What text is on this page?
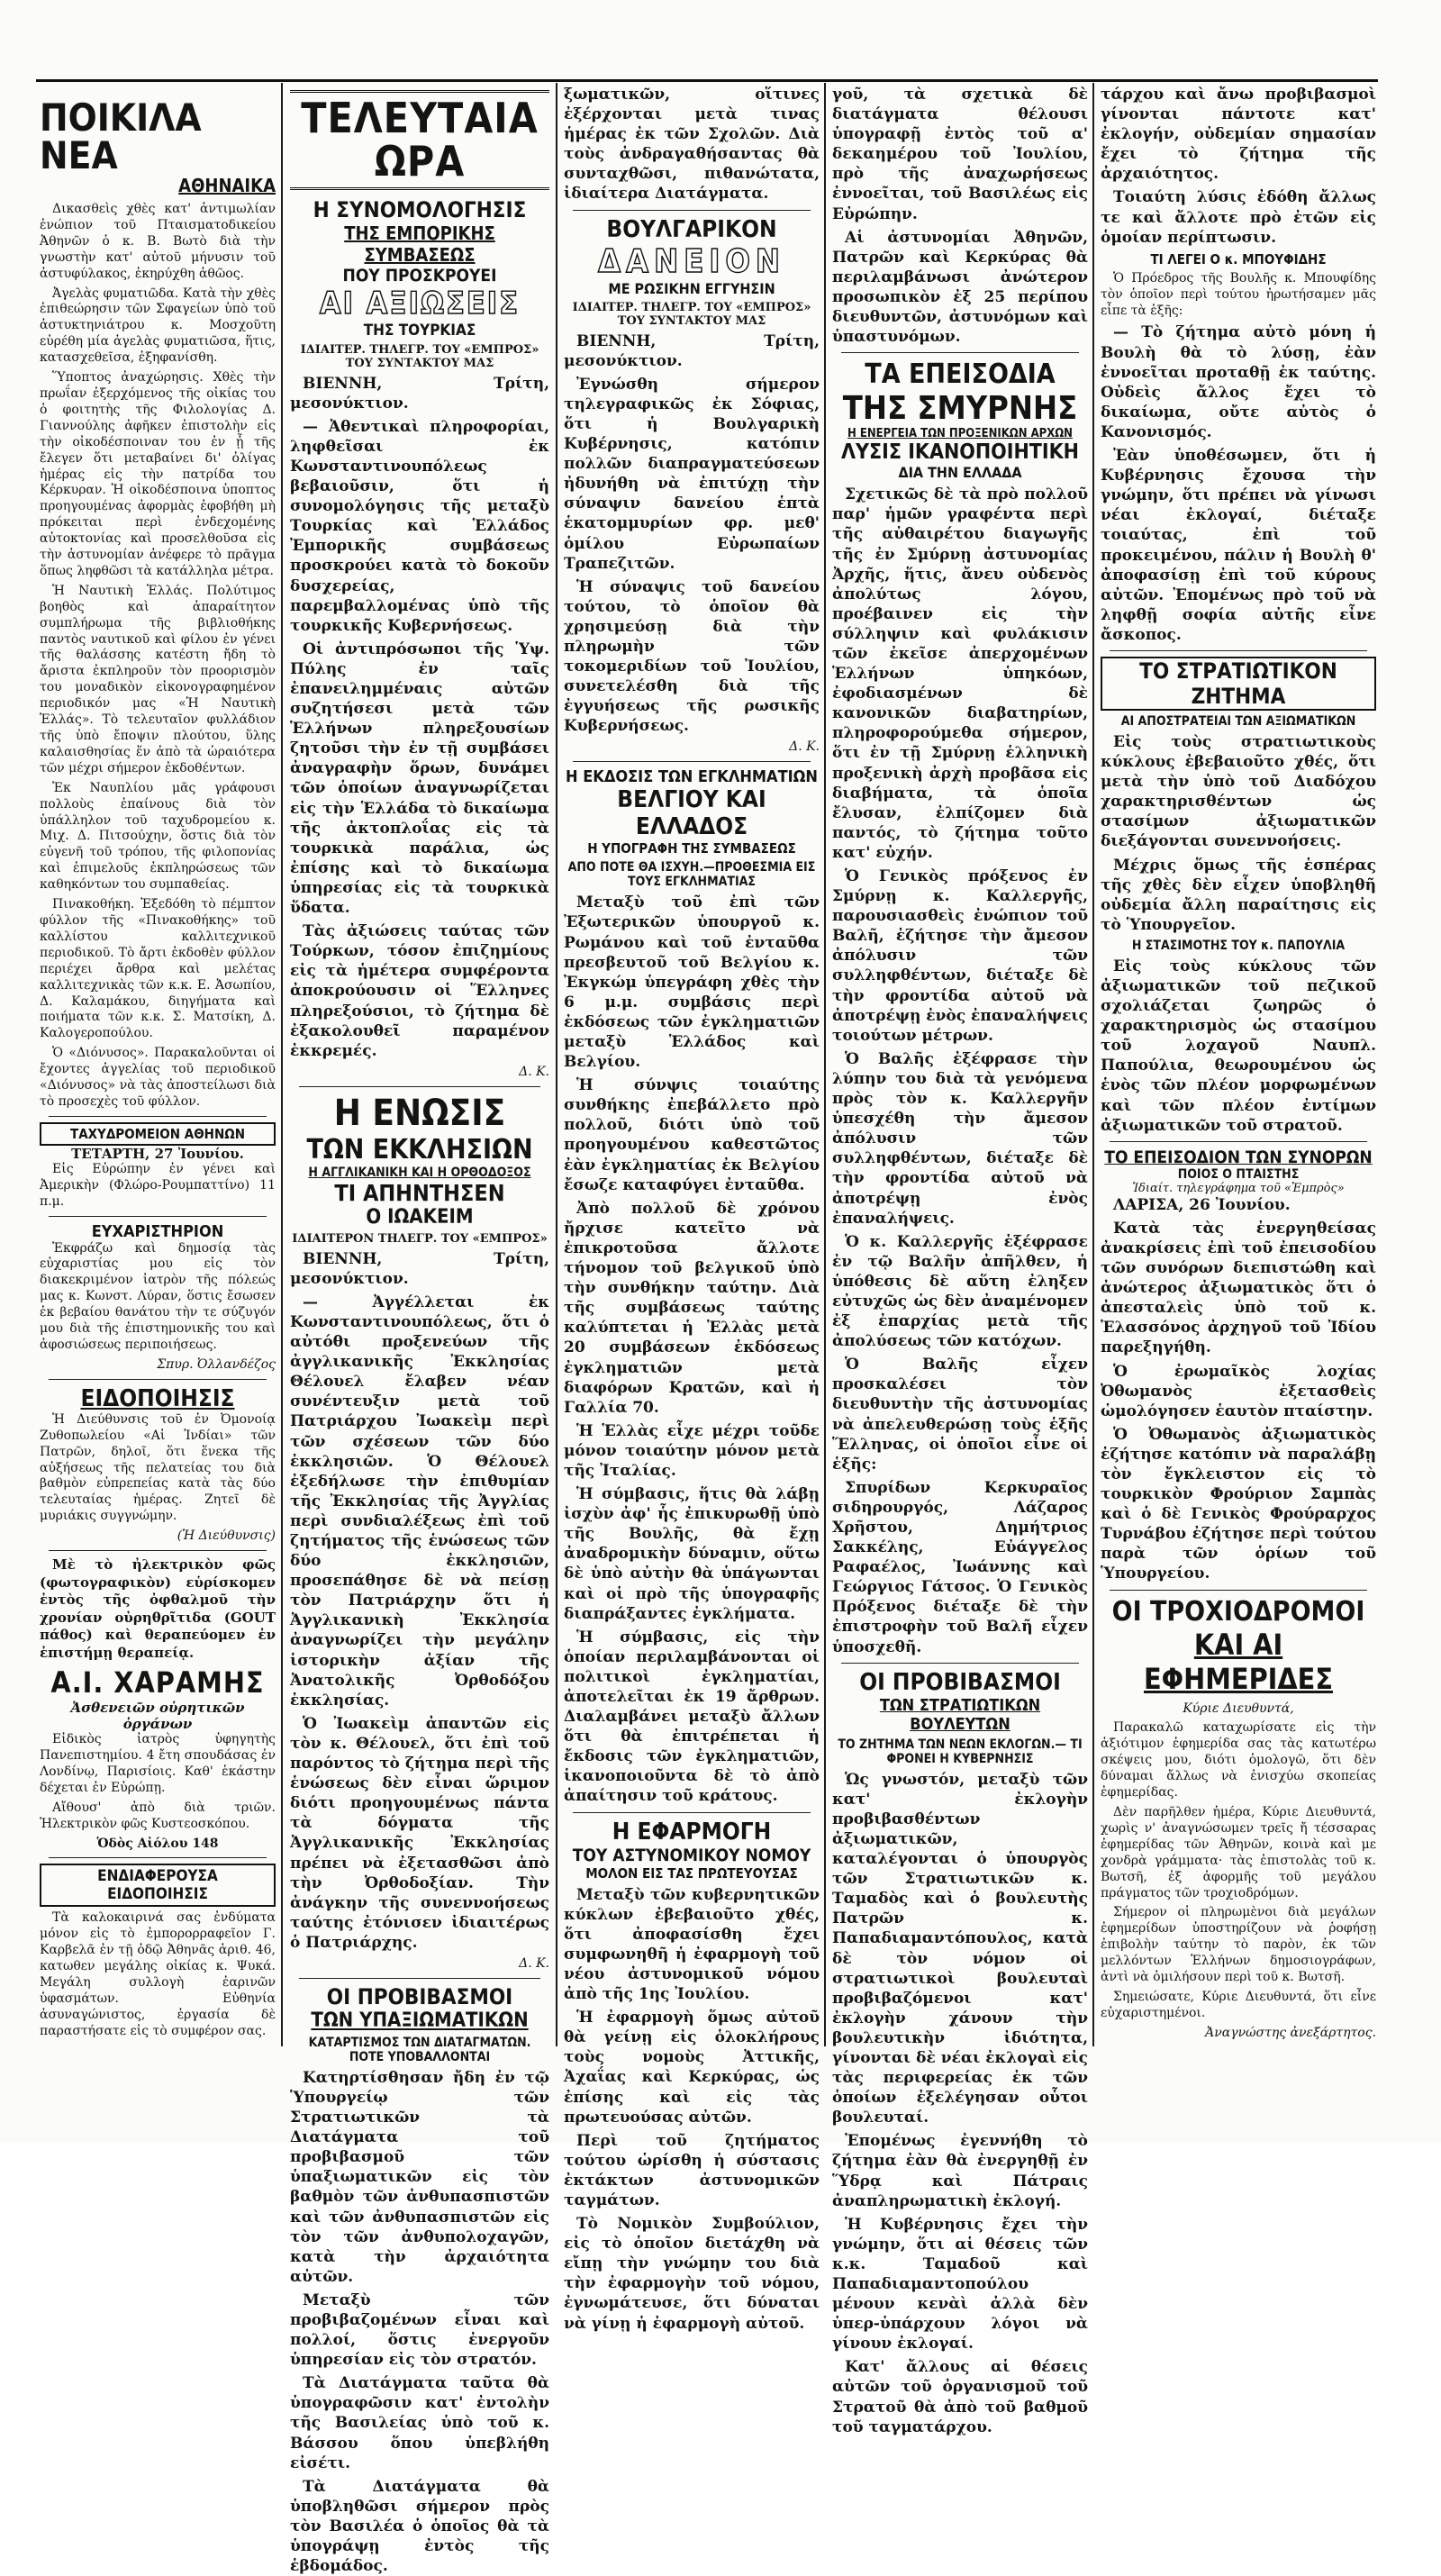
ΠΟΙΚΙΛΑ ΝΕΑ
ΑΘΗΝΑΙΚΑ

Δικασθεὶς χθὲς κατ' ἀντιμωλίαν ἐνώπιον τοῦ Πταισματοδικείου Ἀθηνῶν ὁ κ. Β. Βωτὸ διὰ τὴν γνωστὴν κατ' αὐτοῦ μήνυσιν τοῦ ἀστυφύλακος, ἐκηρύχθη ἀθῶος.

Ἀγελὰς φυματιῶδα. Κατὰ τὴν χθὲς ἐπιθεώρησιν τῶν Σφαγείων ὑπὸ τοῦ ἀστυκτηνιάτρου κ. Μοσχοῦτη εὑρέθη μία ἀγελὰς φυματιῶσα, ἥτις, κατασχεθεῖσα, ἐξηφανίσθη.

Ὕποπτος ἀναχώρησις. Χθὲς τὴν πρωΐαν ἐξερχόμενος τῆς οἰκίας του ὁ φοιτητὴς τῆς Φιλολογίας Δ. Γιαννούλης ἀφῆκεν ἐπιστολὴν εἰς τὴν οἰκοδέσποιναν του ἐν ᾗ τῆς ἔλεγεν ὅτι μεταβαίνει δι' ὀλίγας ἡμέρας εἰς τὴν πατρίδα του Κέρκυραν. Ἡ οἰκοδέσποινα ὑποπτος προηγουμένας ἀφορμὰς ἐφοβήθη μὴ πρόκειται περὶ ἐνδεχομένης αὐτοκτονίας καὶ προσελθοῦσα εἰς τὴν ἀστυνομίαν ἀνέφερε τὸ πρᾶγμα ὅπως ληφθῶσι τὰ κατάλληλα μέτρα.

Ἡ Ναυτικὴ Ἑλλάς. Πολύτιμος βοηθὸς καὶ ἀπαραίτητον συμπλήρωμα τῆς βιβλιοθήκης παντὸς ναυτικοῦ καὶ φίλου ἐν γένει τῆς θαλάσσης κατέστη ἤδη τὸ ἄριστα ἐκπληροῦν τὸν προορισμὸν του μοναδικὸν εἰκονογραφημένον περιοδικόν μας «Ἡ Ναυτικὴ Ἑλλάς». Τὸ τελευταῖον φυλλάδιον τῆς ὑπὸ ἔποψιν πλούτου, ὕλης καλαισθησίας ἕν ἀπὸ τὰ ὡραιότερα τῶν μέχρι σήμερον ἐκδοθέντων.

Ἐκ Ναυπλίου μᾶς γράφουσι πολλοὺς ἐπαίνους διὰ τὸν ὑπάλληλον τοῦ ταχυδρομείου κ. Μιχ. Δ. Πιτσούχην, ὅστις διὰ τὸν εὐγενῆ τοῦ τρόπου, τῆς φιλοπονίας καὶ ἐπιμελοῦς ἐκπληρώσεως τῶν καθηκόντων του συμπαθείας.

Πινακοθήκη. Ἐξεδόθη τὸ πέμπτον φύλλον τῆς «Πινακοθήκης» τοῦ καλλίστου καλλιτεχνικοῦ περιοδικοῦ. Τὸ ἄρτι ἐκδοθὲν φύλλον περιέχει ἄρθρα καὶ μελέτας καλλιτεχνικὰς τῶν κ.κ. Ε. Ἀσωπίου, Δ. Καλαμάκου, διηγήματα καὶ ποιήματα τῶν κ.κ. Σ. Ματσίκη, Δ. Καλογεροπούλου.

Ὁ «Διόνυσος». Παρακαλοῦνται οἱ ἔχοντες ἀγγελίας τοῦ περιοδικοῦ «Διόνυσος» νὰ τὰς ἀποστείλωσι διὰ τὸ προσεχὲς τοῦ φύλλον.

ΤΑΧΥΔΡΟΜΕΙΟΝ ΑΘΗΝΩΝ
ΤΕΤΑΡΤΗ, 27 Ἰουνίου.

Εἰς Εὐρώπην ἐν γένει καὶ Ἀμερικὴν (Φλώρο-Ρουμπαττίνο) 11 π.μ.

ΕΥΧΑΡΙΣΤΗΡΙΟΝ

Ἐκφράζω καὶ δημοσίᾳ τὰς εὐχαριστίας μου εἰς τὸν διακεκριμένον ἰατρὸν τῆς πόλεώς μας κ. Κωνστ. Λύραν, ὅστις ἔσωσεν ἐκ βεβαίου θανάτου τὴν τε σύζυγόν μου διὰ τῆς ἐπιστημονικῆς του καὶ ἀφοσιώσεως περιποιήσεως.

Σπυρ. Ὀλλανδέζος
ΕΙΔΟΠΟΙΗΣΙΣ

Ἡ Διεύθυνσις τοῦ ἐν Ὀμονοίᾳ Ζυθοπωλείου «Αἱ Ἰνδίαι» τῶν Πατρῶν, δηλοῖ, ὅτι ἕνεκα τῆς αὐξήσεως τῆς πελατείας του διὰ βαθμὸν εὐπρεπείας κατὰ τὰς δύο τελευταίας ἡμέρας. Ζητεῖ δὲ μυριάκις συγγνώμην.

(Ἡ Διεύθυνσις)

Μὲ τὸ ἠλεκτρικὸν φῶς (φωτογραφικὸν) εὑρίσκομεν ἐντὸς τῆς ὀφθαλμοῦ τὴν χρονίαν οὐρηθρῖτιδα (GOUT πάθος) καὶ θεραπεύομεν ἐν ἐπιστήμῃ θεραπείᾳ.

Α.Ι. ΧΑΡΑΜΗΣ
Ἀσθενειῶν οὐρητικῶν ὀργάνων

Εἰδικὸς ἰατρὸς ὑφηγητὴς Πανεπιστημίου. 4 ἔτη σπουδάσας ἐν Λονδίνῳ, Παρισίοις. Καθ' ἑκάστην δέχεται ἐν Εὐρώπῃ.

Αἴθουσ' ἀπὸ διὰ τριῶν. Ἠλεκτρικὸν φῶς Κυστεοσκόπου.

Ὁδὸς Αἰόλου 148
ΕΝΔΙΑΦΕΡΟΥΣΑ ΕΙΔΟΠΟΙΗΣΙΣ

Τὰ καλοκαιρινά σας ἐνδύματα μόνον εἰς τὸ ἐμπορορραφεῖον Γ. Καρβελᾶ ἐν τῇ ὁδῷ Ἀθηνᾶς ἀριθ. 46, κατωθεν μεγάλης οἰκίας κ. Ψυκά. Μεγάλη συλλογὴ ἐαρινῶν ὑφασμάτων. Εὐθηνία ἀσυναγώνιστος, ἐργασία δὲ παραστήσατε εἰς τὸ συμφέρον σας.

ΤΕΛΕΥΤΑΙΑ ΩΡΑ
Η ΣΥΝΟΜΟΛΟΓΗΣΙΣ
ΤΗΣ ΕΜΠΟΡΙΚΗΣ ΣΥΜΒΑΣΕΩΣ
ΠΟΥ ΠΡΟΣΚΡΟΥΕΙ
ΑΙ ΑΞΙΩΣΕΙΣ
ΤΗΣ ΤΟΥΡΚΙΑΣ
ΙΔΙΑΙΤΕΡ. ΤΗΛΕΓΡ. ΤΟΥ «ΕΜΠΡΟΣ» ΤΟΥ ΣΥΝΤΑΚΤΟΥ ΜΑΣ

ΒΙΕΝΝΗ, Τρίτη, μεσονύκτιον.

— Ἀθεντικαὶ πληροφορίαι, ληφθεῖσαι ἐκ Κωνσταντινουπόλεως βεβαιοῦσιν, ὅτι ἡ συνομολόγησις τῆς μεταξὺ Τουρκίας καὶ Ἑλλάδος Ἐμπορικῆς συμβάσεως προσκρούει κατὰ τὸ δοκοῦν δυσχερείας, παρεμβαλλομένας ὑπὸ τῆς τουρκικῆς Κυβερνήσεως.

Οἱ ἀντιπρόσωποι τῆς Ὑψ. Πύλης ἐν ταῖς ἐπανειλημμέναις αὐτῶν συζητήσεσι μετὰ τῶν Ἑλλήνων πληρεξουσίων ζητοῦσι τὴν ἐν τῇ συμβάσει ἀναγραφὴν ὅρων, δυνάμει τῶν ὁποίων ἀναγνωρίζεται εἰς τὴν Ἑλλάδα τὸ δικαίωμα τῆς ἀκτοπλοΐας εἰς τὰ τουρκικὰ παράλια, ὡς ἐπίσης καὶ τὸ δικαίωμα ὑπηρεσίας εἰς τὰ τουρκικὰ ὕδατα.

Τὰς ἀξιώσεις ταύτας τῶν Τούρκων, τόσον ἐπιζημίους εἰς τὰ ἡμέτερα συμφέροντα ἀποκρούουσιν οἱ Ἕλληνες πληρεξούσιοι, τὸ ζήτημα δὲ ἐξακολουθεῖ παραμένον ἐκκρεμές.

Δ. Κ.
Η ΕΝΩΣΙΣ
ΤΩΝ ΕΚΚΛΗΣΙΩΝ
Η ΑΓΓΛΙΚΑΝΙΚΗ ΚΑΙ Η ΟΡΘΟΔΟΞΟΣ
ΤΙ ΑΠΗΝΤΗΣΕΝ
Ο ΙΩΑΚΕΙΜ
ΙΔΙΑΙΤΕΡΟΝ ΤΗΛΕΓΡ. ΤΟΥ «ΕΜΠΡΟΣ»

ΒΙΕΝΝΗ, Τρίτη, μεσονύκτιον.

— Ἀγγέλλεται ἐκ Κωνσταντινουπόλεως, ὅτι ὁ αὐτόθι προξενεύων τῆς ἀγγλικανικῆς Ἐκκλησίας Θέλουελ ἔλαβεν νέαν συνέντευξιν μετὰ τοῦ Πατριάρχου Ἰωακεὶμ περὶ τῶν σχέσεων τῶν δύο ἐκκλησιῶν. Ὁ Θέλουελ ἐξεδήλωσε τὴν ἐπιθυμίαν τῆς Ἐκκλησίας τῆς Ἀγγλίας περὶ συνδιαλέξεως ἐπὶ τοῦ ζητήματος τῆς ἑνώσεως τῶν δύο ἐκκλησιῶν, προσεπάθησε δὲ νὰ πείσῃ τὸν Πατριάρχην ὅτι ἡ Ἀγγλικανικὴ Ἐκκλησία ἀναγνωρίζει τὴν μεγάλην ἱστορικὴν ἀξίαν τῆς Ἀνατολικῆς Ὀρθοδόξου ἐκκλησίας.

Ὁ Ἰωακεὶμ ἀπαντῶν εἰς τὸν κ. Θέλουελ, ὅτι ἐπὶ τοῦ παρόντος τὸ ζήτημα περὶ τῆς ἑνώσεως δὲν εἶναι ὥριμον διότι προηγουμένως πάντα τὰ δόγματα τῆς Ἀγγλικανικῆς Ἐκκλησίας πρέπει νὰ ἐξετασθῶσι ἀπὸ τὴν Ὀρθοδοξίαν. Τὴν ἀνάγκην τῆς συνεννοήσεως ταύτης ἐτόνισεν ἰδιαιτέρως ὁ Πατριάρχης.

Δ. Κ.
ΟΙ ΠΡΟΒΙΒΑΣΜΟΙ
ΤΩΝ ΥΠΑΞΙΩΜΑΤΙΚΩΝ
ΚΑΤΑΡΤΙΣΜΟΣ ΤΩΝ ΔΙΑΤΑΓΜΑΤΩΝ. ΠΟΤΕ ΥΠΟΒΑΛΛΟΝΤΑΙ

Κατηρτίσθησαν ἤδη ἐν τῷ Ὑπουργείῳ τῶν Στρατιωτικῶν τὰ Διατάγματα τοῦ προβιβασμοῦ τῶν ὑπαξιωματικῶν εἰς τὸν βαθμὸν τῶν ἀνθυπασπιστῶν καὶ τῶν ἀνθυπασπιστῶν εἰς τὸν τῶν ἀνθυπολοχαγῶν, κατὰ τὴν ἀρχαιότητα αὐτῶν.

Μεταξὺ τῶν προβιβαζομένων εἶναι καὶ πολλοί, ὅστις ἐνεργοῦν ὑπηρεσίαν εἰς τὸν στρατόν.

Τὰ Διατάγματα ταῦτα θὰ ὑπογραφῶσιν κατ' ἐντολὴν τῆς Βασιλείας ὑπὸ τοῦ κ. Βάσσου ὅπου ὑπεβλήθη εἰσέτι.

Τὰ Διατάγματα θὰ ὑποβληθῶσι σήμερον πρὸς τὸν Βασιλέα ὁ ὁποῖος θὰ τὰ ὑπογράψῃ ἐντὸς τῆς ἑβδομάδος.

ξωματικῶν, οἵτινες ἐξέρχονται μετὰ τινας ἡμέρας ἐκ τῶν Σχολῶν. Διὰ τοὺς ἀνδραγαθήσαντας θὰ συνταχθῶσι, πιθανώτατα, ἰδιαίτερα Διατάγματα.

ΒΟΥΛΓΑΡΙΚΟΝ
ΔΑΝΕΙΟΝ
ΜΕ ΡΩΣΙΚΗΝ ΕΓΓΥΗΣΙΝ
ΙΔΙΑΙΤΕΡ. ΤΗΛΕΓΡ. ΤΟΥ «ΕΜΠΡΟΣ» ΤΟΥ ΣΥΝΤΑΚΤΟΥ ΜΑΣ

ΒΙΕΝΝΗ, Τρίτη, μεσονύκτιον.

Ἐγνώσθη σήμερον τηλεγραφικῶς ἐκ Σόφιας, ὅτι ἡ Βουλγαρικὴ Κυβέρνησις, κατόπιν πολλῶν διαπραγματεύσεων ἠδυνήθη νὰ ἐπιτύχῃ τὴν σύναψιν δανείου ἑπτὰ ἑκατομμυρίων φρ. μεθ' ὁμίλου Εὐρωπαίων Τραπεζιτῶν.

Ἡ σύναψις τοῦ δανείου τούτου, τὸ ὁποῖον θὰ χρησιμεύσῃ διὰ τὴν πληρωμὴν τῶν τοκομεριδίων τοῦ Ἰουλίου, συνετελέσθη διὰ τῆς ἐγγυήσεως τῆς ρωσικῆς Κυβερνήσεως.

Δ. Κ.
Η ΕΚΔΟΣΙΣ ΤΩΝ ΕΓΚΛΗΜΑΤΙΩΝ
ΒΕΛΓΙΟΥ ΚΑΙ ΕΛΛΑΔΟΣ
Η ΥΠΟΓΡΑΦΗ ΤΗΣ ΣΥΜΒΑΣΕΩΣ
ΑΠΟ ΠΟΤΕ ΘΑ ΙΣΧΥΗ.—ΠΡΟΘΕΣΜΙΑ ΕΙΣ ΤΟΥΣ ΕΓΚΛΗΜΑΤΙΑΣ

Μεταξὺ τοῦ ἐπὶ τῶν Ἐξωτερικῶν ὑπουργοῦ κ. Ρωμάνου καὶ τοῦ ἐνταῦθα πρεσβευτοῦ τοῦ Βελγίου κ. Ἐκγκώμ ὑπεγράφη χθὲς τὴν 6 μ.μ. συμβάσις περὶ ἐκδόσεως τῶν ἐγκληματιῶν μεταξὺ Ἑλλάδος καὶ Βελγίου.

Ἡ σύνψις τοιαύτης συνθήκης ἐπεβάλλετο πρὸ πολλοῦ, διότι ὑπὸ τοῦ προηγουμένου καθεστῶτος ἐὰν ἐγκληματίας ἐκ Βελγίου ἔσωζε καταφύγει ἐνταῦθα.

Ἀπὸ πολλοῦ δὲ χρόνου ἤρχισε κατεῖτο νὰ ἐπικροτοῦσα ἄλλοτε τήνομον τοῦ βελγικοῦ ὑπὸ τὴν συνθήκην ταύτην. Διὰ τῆς συμβάσεως ταύτης καλύπτεται ἡ Ἑλλὰς μετὰ 20 συμβάσεων ἐκδόσεως ἐγκληματιῶν μετὰ διαφόρων Κρατῶν, καὶ ἡ Γαλλία 70.

Ἡ Ἑλλὰς εἶχε μέχρι τοῦδε μόνον τοιαύτην μόνον μετὰ τῆς Ἰταλίας.

Ἡ σύμβασις, ἥτις θὰ λάβῃ ἰσχὺν ἀφ' ἧς ἐπικυρωθῇ ὑπὸ τῆς Βουλῆς, θὰ ἔχῃ ἀναδρομικὴν δύναμιν, οὕτω δὲ ὑπὸ αὐτὴν θὰ ὑπάγωνται καὶ οἱ πρὸ τῆς ὑπογραφῆς διαπράξαντες ἐγκλήματα.

Ἡ σύμβασις, εἰς τὴν ὁποίαν περιλαμβάνονται οἱ πολιτικοὶ ἐγκληματίαι, ἀποτελεῖται ἐκ 19 ἄρθρων. Διαλαμβάνει μεταξὺ ἄλλων ὅτι θὰ ἐπιτρέπεται ἡ ἔκδοσις τῶν ἐγκληματιῶν, ἱκανοποιοῦντα δὲ τὸ ἀπὸ ἀπαίτησιν τοῦ κράτους.

Η ΕΦΑΡΜΟΓΗ
ΤΟΥ ΑΣΤΥΝΟΜΙΚΟΥ ΝΟΜΟΥ
ΜΟΛΟΝ ΕΙΣ ΤΑΣ ΠΡΩΤΕΥΟΥΣΑΣ

Μεταξὺ τῶν κυβερνητικῶν κύκλων ἐβεβαιοῦτο χθές, ὅτι ἀποφασίσθη ἔχει συμφωνηθῆ ἡ ἐφαρμογὴ τοῦ νέου ἀστυνομικοῦ νόμου ἀπὸ τῆς 1ης Ἰουλίου.

Ἡ ἐφαρμογὴ ὅμως αὐτοῦ θὰ γείνῃ εἰς ὁλοκλήρους τοὺς νομοὺς Ἀττικῆς, Ἀχαΐας καὶ Κερκύρας, ὡς ἐπίσης καὶ εἰς τὰς πρωτευούσας αὐτῶν.

Περὶ τοῦ ζητήματος τούτου ὡρίσθη ἡ σύστασις ἐκτάκτων ἀστυνομικῶν ταγμάτων.

Τὸ Νομικὸν Συμβούλιον, εἰς τὸ ὁποῖον διετάχθη νὰ εἴπῃ τὴν γνώμην του διὰ τὴν ἐφαρμογὴν τοῦ νόμου, ἐγνωμάτευσε, ὅτι δύναται νὰ γίνῃ ἡ ἐφαρμογὴ αὐτοῦ.

γοῦ, τὰ σχετικὰ δὲ διατάγματα θέλουσι ὑπογραφῇ ἐντὸς τοῦ α' δεκαημέρου τοῦ Ἰουλίου, πρὸ τῆς ἀναχωρήσεως ἐννοεῖται, τοῦ Βασιλέως εἰς Εὐρώπην.

Αἱ ἀστυνομίαι Ἀθηνῶν, Πατρῶν καὶ Κερκύρας θὰ περιλαμβάνωσι ἀνώτερον προσωπικὸν ἐξ 25 περίπου διευθυντῶν, ἀστυνόμων καὶ ὑπαστυνόμων.

ΤΑ ΕΠΕΙΣΟΔΙΑ
ΤΗΣ ΣΜΥΡΝΗΣ
Η ΕΝΕΡΓΕΙΑ ΤΩΝ ΠΡΟΞΕΝΙΚΩΝ ΑΡΧΩΝ
ΛΥΣΙΣ ΙΚΑΝΟΠΟΙΗΤΙΚΗ
ΔΙΑ ΤΗΝ ΕΛΛΑΔΑ

Σχετικῶς δὲ τὰ πρὸ πολλοῦ παρ' ἡμῶν γραφέντα περὶ τῆς αὐθαιρέτου διαγωγῆς τῆς ἐν Σμύρνῃ ἀστυνομίας Ἀρχῆς, ἥτις, ἄνευ οὐδενὸς ἀπολύτως λόγου, προέβαινεν εἰς τὴν σύλληψιν καὶ φυλάκισιν τῶν ἐκεῖσε ἀπερχομένων Ἑλλήνων ὑπηκόων, ἐφοδιασμένων δὲ κανονικῶν διαβατηρίων, πληροφορούμεθα σήμερον, ὅτι ἐν τῇ Σμύρνῃ ἑλληνικὴ προξενικὴ ἀρχὴ προβᾶσα εἰς διαβήματα, τὰ ὁποῖα ἔλυσαν, ἐλπίζομεν διὰ παντός, τὸ ζήτημα τοῦτο κατ' εὐχήν.

Ὁ Γενικὸς πρόξενος ἐν Σμύρνῃ κ. Καλλεργῆς, παρουσιασθεὶς ἐνώπιον τοῦ Βαλῆ, ἐζήτησε τὴν ἄμεσον ἀπόλυσιν τῶν συλληφθέντων, διέταξε δὲ τὴν φροντίδα αὐτοῦ νὰ ἀποτρέψῃ ἐνὸς ἐπαναλήψεις τοιούτων μέτρων.

Ὁ Βαλῆς ἐξέφρασε τὴν λύπην του διὰ τὰ γενόμενα πρὸς τὸν κ. Καλλεργῆν ὑπεσχέθη τὴν ἄμεσον ἀπόλυσιν τῶν συλληφθέντων, διέταξε δὲ τὴν φροντίδα αὐτοῦ νὰ ἀποτρέψῃ ἐνὸς ἐπαναλήψεις.

Ὁ κ. Καλλεργῆς ἐξέφρασε ἐν τῷ Βαλῆν ἀπῆλθεν, ἡ ὑπόθεσις δὲ αὕτη ἐληξεν εὐτυχῶς ὡς δὲν ἀναμένομεν ἐξ ἐπαρχίας μετὰ τῆς ἀπολύσεως τῶν κατόχων.

Ὁ Βαλῆς εἶχεν προσκαλέσει τὸν διευθυντὴν τῆς ἀστυνομίας νὰ ἀπελευθερώσῃ τοὺς ἑξῆς Ἕλληνας, οἱ ὁποῖοι εἶνε οἱ ἑξῆς:

Σπυρίδων Κερκυραῖος σιδηρουργός, Λάζαρος Χρῆστου, Δημήτριος Σακκέλης, Εὐάγγελος Ραφαέλος, Ἰωάννης καὶ Γεώργιος Γάτσος. Ὁ Γενικὸς Πρόξενος διέταξε δὲ τὴν ἐπιστροφὴν τοῦ Βαλῆ εἶχεν ὑποσχεθῆ.

ΟΙ ΠΡΟΒΙΒΑΣΜΟΙ
ΤΩΝ ΣΤΡΑΤΙΩΤΙΚΩΝ ΒΟΥΛΕΥΤΩΝ
ΤΟ ΖΗΤΗΜΑ ΤΩΝ ΝΕΩΝ ΕΚΛΟΓΩΝ.— ΤΙ ΦΡΟΝΕΙ Η ΚΥΒΕΡΝΗΣΙΣ

Ὡς γνωστόν, μεταξὺ τῶν κατ' ἐκλογὴν προβιβασθέντων ἀξιωματικῶν, καταλέγονται ὁ ὑπουργὸς τῶν Στρατιωτικῶν κ. Ταμαδὸς καὶ ὁ βουλευτὴς Πατρῶν κ. Παπαδιαμαντόπουλος, κατὰ δὲ τὸν νόμον οἱ στρατιωτικοὶ βουλευταὶ προβιβαζόμενοι κατ' ἐκλογὴν χάνουν τὴν βουλευτικὴν ἰδιότητα, γίνονται δὲ νέαι ἐκλογαὶ εἰς τὰς περιφερείας ἐκ τῶν ὁποίων ἐξελέγησαν οὗτοι βουλευταί.

Ἐπομένως ἐγεννήθη τὸ ζήτημα ἐὰν θὰ ἐνεργηθῇ ἐν Ὕδρᾳ καὶ Πάτραις ἀναπληρωματικὴ ἐκλογή.

Ἡ Κυβέρνησις ἔχει τὴν γνώμην, ὅτι αἱ θέσεις τῶν κ.κ. Ταμαδοῦ καὶ Παπαδιαμαντοπούλου μένουν κενὰὶ ἀλλὰ δὲν ὑπερ-ὑπάρχουν λόγοι νὰ γίνουν ἐκλογαί.

Κατ' ἄλλους αἱ θέσεις αὐτῶν τοῦ ὀργανισμοῦ τοῦ Στρατοῦ θὰ ἀπὸ τοῦ βαθμοῦ τοῦ ταγματάρχου.

τάρχου καὶ ἄνω προβιβασμοὶ γίνονται πάντοτε κατ' ἐκλογήν, οὐδεμίαν σημασίαν ἔχει τὸ ζήτημα τῆς ἀρχαιότητος.

Τοιαύτη λύσις ἐδόθη ἄλλως τε καὶ ἄλλοτε πρὸ ἐτῶν εἰς ὁμοίαν περίπτωσιν.

ΤΙ ΛΕΓΕΙ Ο κ. ΜΠΟΥΦΙΔΗΣ

Ὁ Πρόεδρος τῆς Βουλῆς κ. Μπουφίδης τὸν ὁποῖον περὶ τούτου ἠρωτήσαμεν μᾶς εἶπε τὰ ἑξῆς:

— Τὸ ζήτημα αὐτὸ μόνη ἡ Βουλὴ θὰ τὸ λύσῃ, ἐὰν ἐννοεῖται προταθῇ ἐκ ταύτης. Οὐδεὶς ἄλλος ἔχει τὸ δικαίωμα, οὔτε αὐτὸς ὁ Κανονισμός.

Ἐὰν ὑποθέσωμεν, ὅτι ἡ Κυβέρνησις ἔχουσα τὴν γνώμην, ὅτι πρέπει νὰ γίνωσι νέαι ἐκλογαί, διέταξε τοιαύτας, ἐπὶ τοῦ προκειμένου, πάλιν ἡ Βουλὴ θ' ἀποφασίσῃ ἐπὶ τοῦ κύρους αὐτῶν. Ἐπομένως πρὸ τοῦ νὰ ληφθῇ σοφία αὐτῆς εἶνε ἄσκοπος.

ΤΟ ΣΤΡΑΤΙΩΤΙΚΟΝ ΖΗΤΗΜΑ
ΑΙ ΑΠΟΣΤΡΑΤΕΙΑΙ ΤΩΝ ΑΞΙΩΜΑΤΙΚΩΝ

Εἰς τοὺς στρατιωτικοὺς κύκλους ἐβεβαιοῦτο χθές, ὅτι μετὰ τὴν ὑπὸ τοῦ Διαδόχου χαρακτηρισθέντων ὡς στασίμων ἀξιωματικῶν διεξάγονται συνεννοήσεις.

Μέχρις ὅμως τῆς ἑσπέρας τῆς χθὲς δὲν εἶχεν ὑποβληθῆ οὐδεμία ἄλλη παραίτησις εἰς τὸ Ὑπουργεῖον.

Η ΣΤΑΣΙΜΟΤΗΣ ΤΟΥ κ. ΠΑΠΟΥΛΙΑ

Εἰς τοὺς κύκλους τῶν ἀξιωματικῶν τοῦ πεζικοῦ σχολιάζεται ζωηρῶς ὁ χαρακτηρισμὸς ὡς στασίμου τοῦ λοχαγοῦ Ναυπλ. Παπούλια, θεωρουμένου ὡς ἑνὸς τῶν πλέον μορφωμένων καὶ τῶν πλέον ἐντίμων ἀξιωματικῶν τοῦ στρατοῦ.

ΤΟ ΕΠΕΙΣΟΔΙΟΝ ΤΩΝ ΣΥΝΟΡΩΝ
ΠΟΙΟΣ Ο ΠΤΑΙΣΤΗΣ
Ἰδιαίτ. τηλεγράφημα τοῦ «Ἐμπρὸς»

ΛΑΡΙΣΑ, 26 Ἰουνίου.

Κατὰ τὰς ἐνεργηθείσας ἀνακρίσεις ἐπὶ τοῦ ἐπεισοδίου τῶν συνόρων διεπιστώθη καὶ ἀνώτερος ἀξιωματικὸς ὅτι ὁ ἀπεσταλεὶς ὑπὸ τοῦ κ. Ἐλασσόνος ἀρχηγοῦ τοῦ Ἰδίου παρεξηγήθη.

Ὁ ἐρωμαῖκὸς λοχίας Ὀθωμανὸς ἐξετασθεὶς ὡμολόγησεν ἑαυτὸν πταίστην.

Ὁ Ὀθωμανὸς ἀξιωματικὸς ἐζήτησε κατόπιν νὰ παραλάβῃ τὸν ἔγκλειστον εἰς τὸ τουρκικὸν Φρούριον Σαμπὰς καὶ ὁ δὲ Γενικὸς Φρούραρχος Τυρνάβου ἐζήτησε περὶ τούτου παρὰ τῶν ὁρίων τοῦ Ὑπουργείου.

ΟΙ ΤΡΟΧΙΟΔΡΟΜΟΙ
ΚΑΙ ΑΙ ΕΦΗΜΕΡΙΔΕΣ

Κύριε Διευθυντά,

Παρακαλῶ καταχωρίσατε εἰς τὴν ἀξιότιμον ἐφημερίδα σας τὰς κατωτέρω σκέψεις μου, διότι ὁμολογῶ, ὅτι δὲν δύναμαι ἄλλως νὰ ἐνισχύω σκοπείας ἐφημερίδας.

Δὲν παρῆλθεν ἡμέρα, Κύριε Διευθυντά, χωρὶς ν' ἀναγνώσωμεν τρεῖς ἤ τέσσαρας ἐφημερίδας τῶν Ἀθηνῶν, κοινὰ καὶ με χονδρὰ γράμματα· τὰς ἐπιστολὰς τοῦ κ. Βωτσῆ, ἐξ ἀφορμῆς τοῦ μεγάλου πράγματος τῶν τροχιοδρόμων.

Σήμερον οἱ πληρωμὲνοι διὰ μεγάλων ἐφημερίδων ὑποστηρίζουν νὰ ῥοφήσῃ ἐπιβολὴν ταύτην τὸ παρὸν, ἐκ τῶν μελλόντων Ἑλλήνων δημοσιογράφων, ἀντὶ νὰ ὁμιλήσουν περὶ τοῦ κ. Βωτσῆ.

Σημειώσατε, Κύριε Διευθυντά, ὅτι εἶνε εὐχαριστημένοι.

Ἀναγνώστης ἀνεξάρτητος.
